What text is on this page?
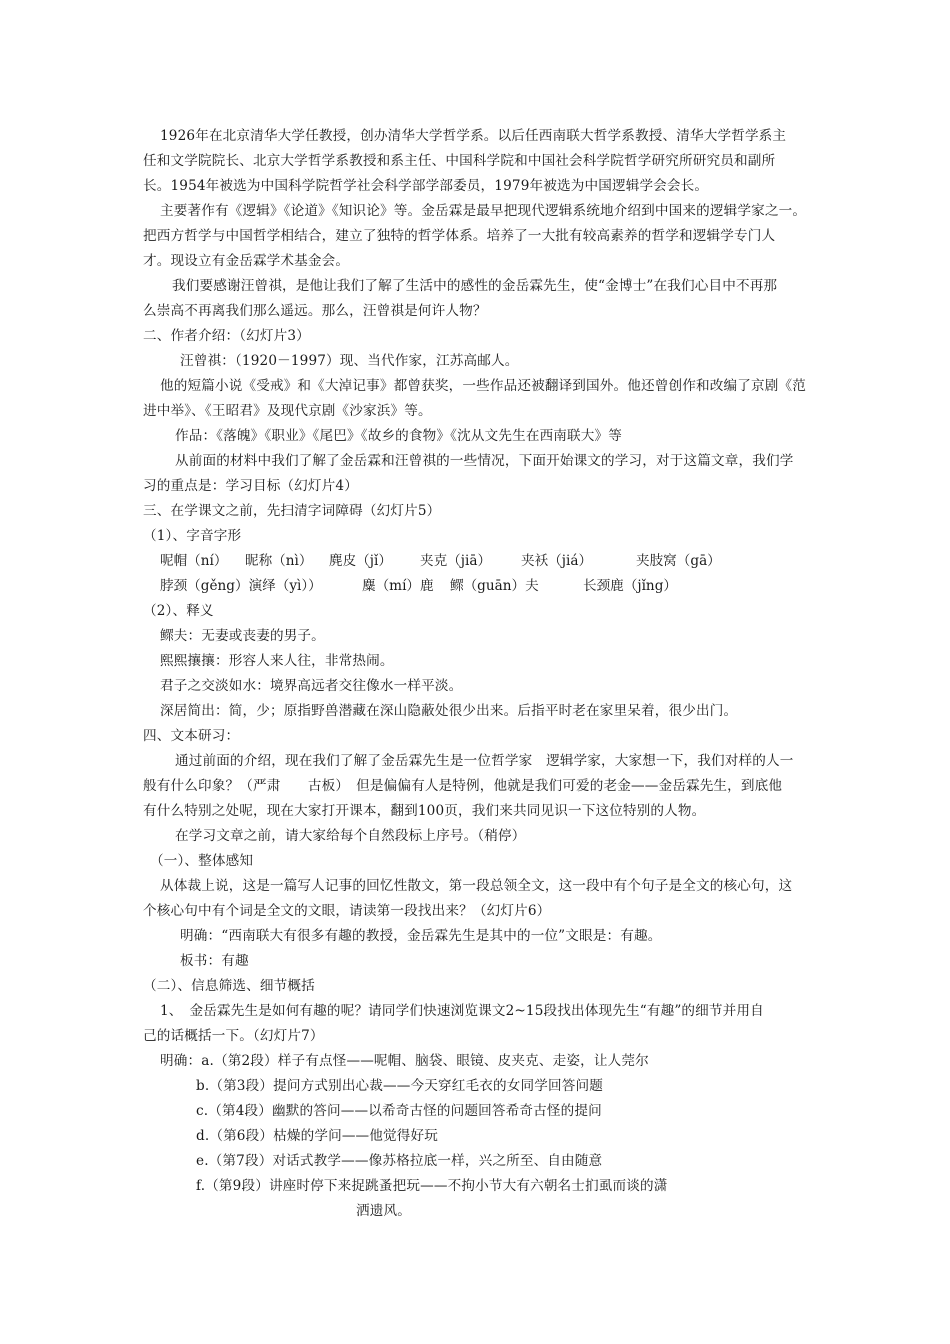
1926年在北京清华大学任教授，创办清华大学哲学系。以后任西南联大哲学系教授、清华大学哲学系主
任和文学院院长、北京大学哲学系教授和系主任、中国科学院和中国社会科学院哲学研究所研究员和副所
长。1954年被选为中国科学院哲学社会科学部学部委员，1979年被选为中国逻辑学会会长。
主要著作有《逻辑》《论道》《知识论》等。金岳霖是最早把现代逻辑系统地介绍到中国来的逻辑学家之一。
把西方哲学与中国哲学相结合，建立了独特的哲学体系。培养了一大批有较高素养的哲学和逻辑学专门人
才。现设立有金岳霖学术基金会。
我们要感谢汪曾祺，是他让我们了解了生活中的感性的金岳霖先生，使“金博士”在我们心目中不再那
么崇高不再离我们那么遥远。那么，汪曾祺是何许人物？
二、作者介绍：（幻灯片3）
汪曾祺：（1920－1997）现、当代作家，江苏高邮人。
他的短篇小说《受戒》和《大淖记事》都曾获奖，一些作品还被翻译到国外。他还曾创作和改编了京剧《范
进中举》、《王昭君》及现代京剧《沙家浜》等。
作品：《落魄》《职业》《尾巴》《故乡的食物》《沈从文先生在西南联大》等
从前面的材料中我们了解了金岳霖和汪曾祺的一些情况，下面开始课文的学习，对于这篇文章，我们学
习的重点是：学习目标（幻灯片4）
三、在学课文之前，先扫清字词障碍（幻灯片5）
（1）、字音字形
呢帽（ní） 昵称（nì） 麂皮（jǐ） 夹克（jiā） 夹袄（jiá）	夹肢窝（gā）
脖颈（gěng）演绎（yì））	麋（mí）鹿 鳏（guān）夫	长颈鹿（jǐng）
（2）、释义
鳏夫：无妻或丧妻的男子。
熙熙攘攘：形容人来人往，非常热闹。
君子之交淡如水：境界高远者交往像水一样平淡。
深居简出：简，少；原指野兽潜藏在深山隐蔽处很少出来。后指平时老在家里呆着，很少出门。
四、文本研习：
通过前面的介绍，现在我们了解了金岳霖先生是一位哲学家　逻辑学家，大家想一下，我们对样的人一
般有什么印象？（严肃　　古板）　但是偏偏有人是特例，他就是我们可爱的老金——金岳霖先生，到底他
有什么特别之处呢，现在大家打开课本，翻到100页，我们来共同见识一下这位特别的人物。
在学习文章之前，请大家给每个自然段标上序号。（稍停）
（一）、整体感知
从体裁上说，这是一篇写人记事的回忆性散文，第一段总领全文，这一段中有个句子是全文的核心句，这
个核心句中有个词是全文的文眼，请读第一段找出来？（幻灯片6）
明确：“西南联大有很多有趣的教授，金岳霖先生是其中的一位”文眼是：有趣。
板书：有趣
（二）、信息筛选、细节概括
1、　金岳霖先生是如何有趣的呢？请同学们快速浏览课文2~15段找出体现先生“有趣”的细节并用自
己的话概括一下。（幻灯片7）
明确：a.（第2段）样子有点怪——呢帽、脑袋、眼镜、皮夹克、走姿，让人莞尔
b.（第3段）提问方式别出心裁——今天穿红毛衣的女同学回答问题
c.（第4段）幽默的答问——以希奇古怪的问题回答希奇古怪的提问
d.（第6段）枯燥的学问——他觉得好玩
e.（第7段）对话式教学——像苏格拉底一样，兴之所至、自由随意
f.（第9段）讲座时停下来捉跳蚤把玩——不拘小节大有六朝名士扪虱而谈的潇
洒遗风。
